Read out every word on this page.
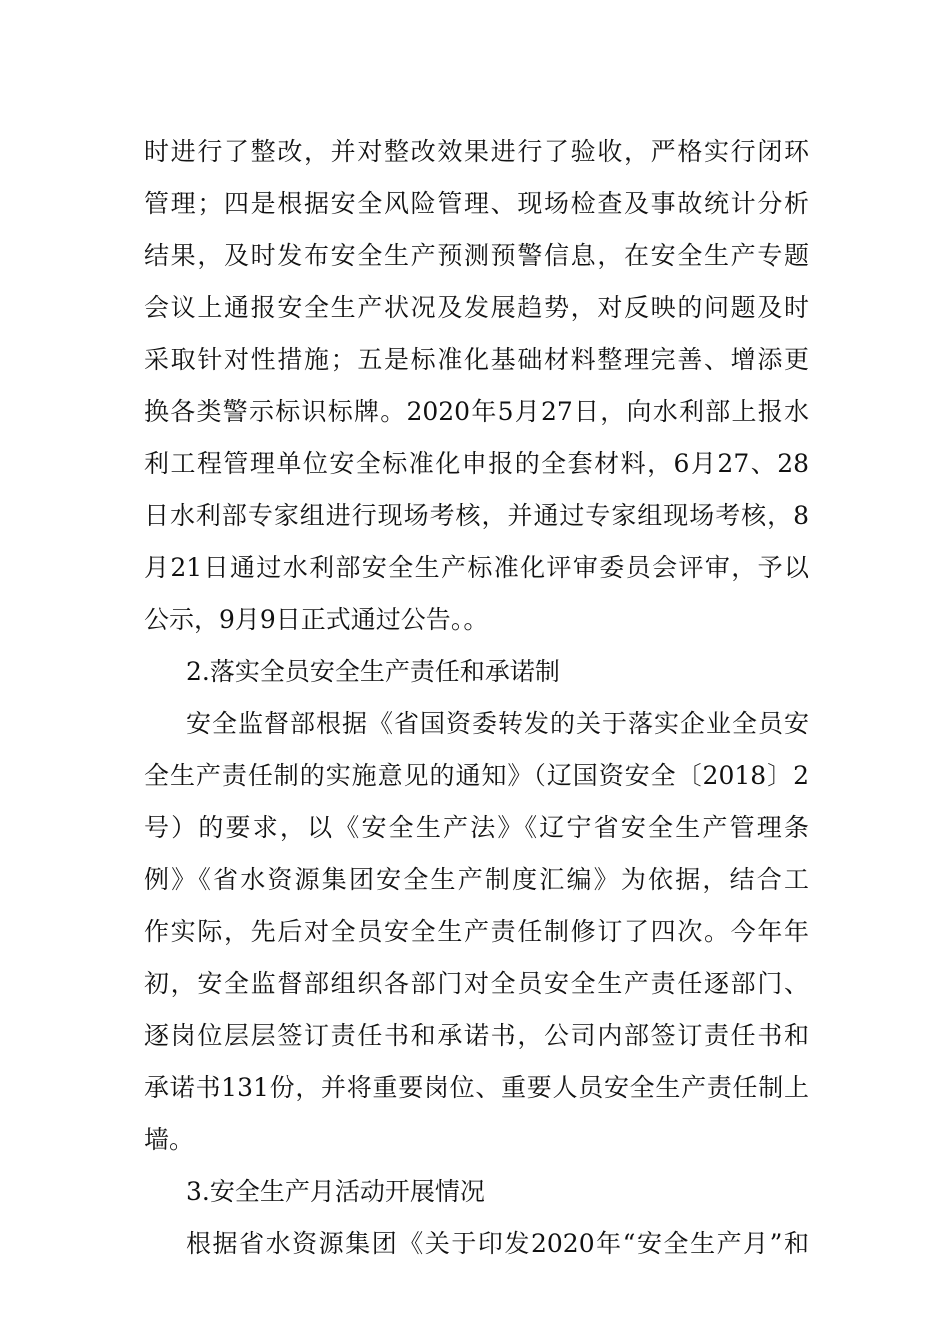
时进行了整改，并对整改效果进行了验收，严格实行闭环
管理；四是根据安全风险管理、现场检查及事故统计分析
结果，及时发布安全生产预测预警信息，在安全生产专题
会议上通报安全生产状况及发展趋势，对反映的问题及时
采取针对性措施；五是标准化基础材料整理完善、增添更
换各类警示标识标牌。2020年5月27日，向水利部上报水
利工程管理单位安全标准化申报的全套材料，6月27、28
日水利部专家组进行现场考核，并通过专家组现场考核，8
月21日通过水利部安全生产标准化评审委员会评审，予以
公示，9月9日正式通过公告。。
2.落实全员安全生产责任和承诺制
安全监督部根据《省国资委转发的关于落实企业全员安
全生产责任制的实施意见的通知》（辽国资安全〔2018〕2
号）的要求，以《安全生产法》《辽宁省安全生产管理条
例》《省水资源集团安全生产制度汇编》为依据，结合工
作实际，先后对全员安全生产责任制修订了四次。今年年
初，安全监督部组织各部门对全员安全生产责任逐部门、
逐岗位层层签订责任书和承诺书，公司内部签订责任书和
承诺书131份，并将重要岗位、重要人员安全生产责任制上
墙。
3.安全生产月活动开展情况
根据省水资源集团《关于印发2020年“安全生产月”和
